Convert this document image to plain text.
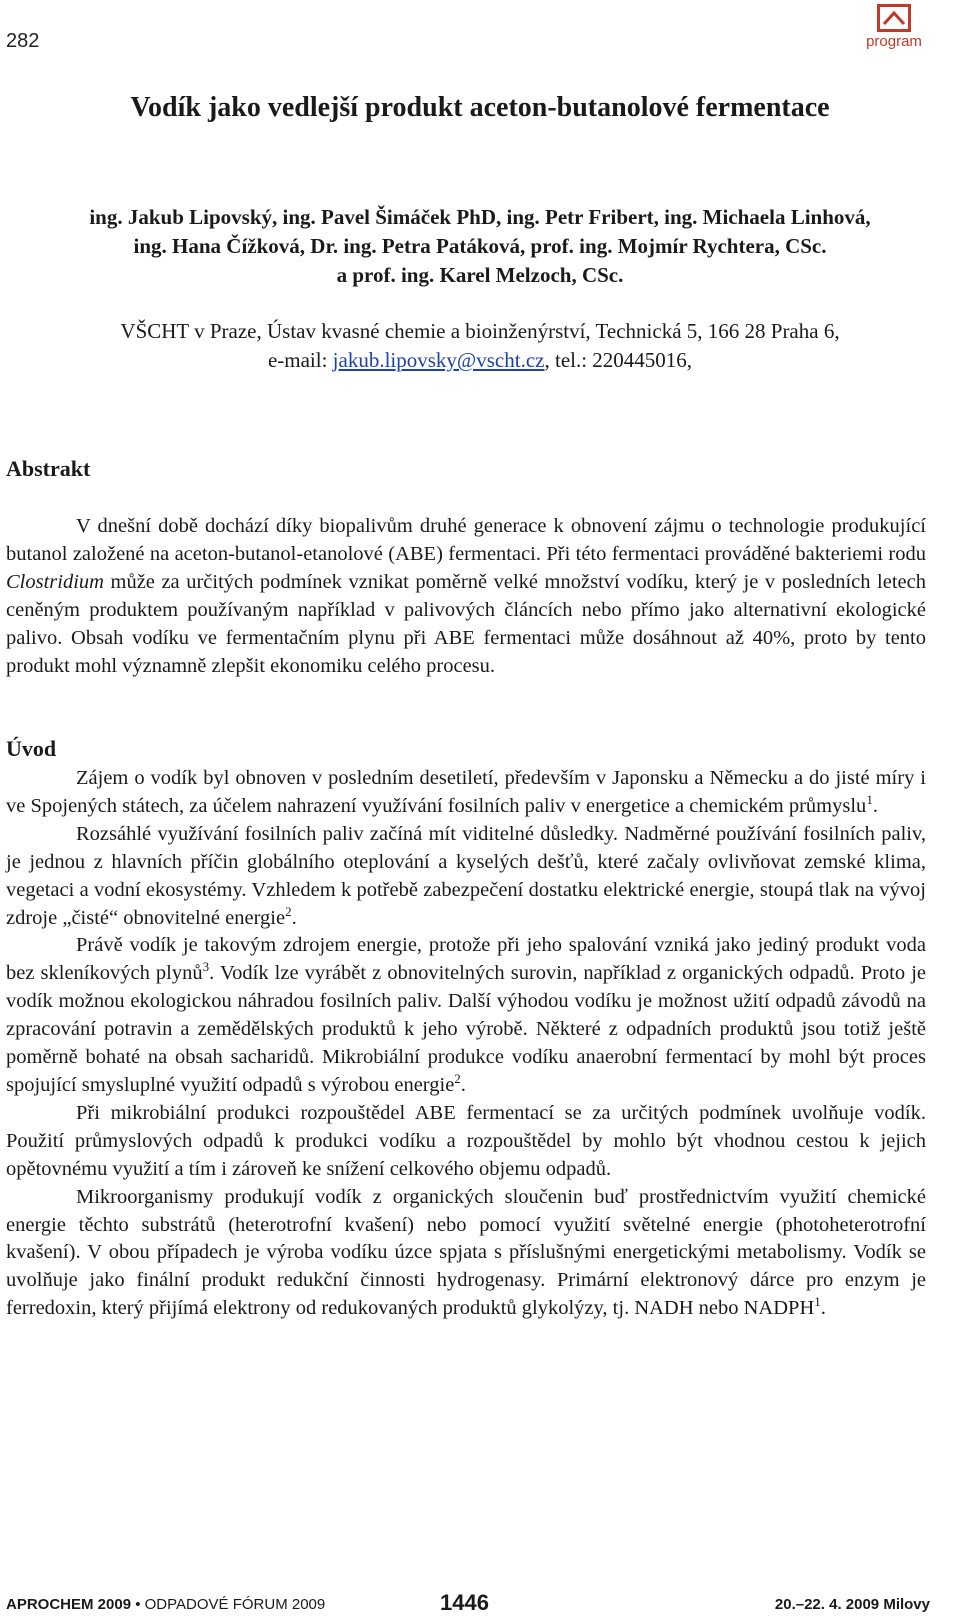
282	program
Vodík jako vedlejší produkt aceton-butanolové fermentace
ing. Jakub Lipovský, ing. Pavel Šimáček PhD, ing. Petr Fribert, ing. Michaela Linhová,
ing. Hana Čížková, Dr. ing. Petra Patáková, prof. ing. Mojmír Rychtera, CSc.
a prof. ing. Karel Melzoch, CSc.
VŠCHT v Praze, Ústav kvasné chemie a bioinženýrství, Technická 5, 166 28 Praha 6,
e-mail: jakub.lipovsky@vscht.cz, tel.: 220445016,
Abstrakt

V dnešní době dochází díky biopalivům druhé generace k obnovení zájmu o technologie produkující butanol založené na aceton-butanol-etanolové (ABE) fermentaci. Při této fermentaci prováděné bakteriemi rodu Clostridium může za určitých podmínek vznikat poměrně velké množství vodíku, který je v posledních letech ceněným produktem používaným například v palivových článcích nebo přímo jako alternativní ekologické palivo. Obsah vodíku ve fermentačním plynu při ABE fermentaci může dosáhnout až 40%, proto by tento produkt mohl významně zlepšit ekonomiku celého procesu.

Úvod

Zájem o vodík byl obnoven v posledním desetiletí, především v Japonsku a Německu a do jisté míry i ve Spojených státech, za účelem nahrazení využívání fosilních paliv v energetice a chemickém průmyslu$^1$.

Rozsáhlé využívání fosilních paliv začíná mít viditelné důsledky. Nadměrné používání fosilních paliv, je jednou z hlavních příčin globálního oteplování a kyselých dešťů, které začaly ovlivňovat zemské klima, vegetaci a vodní ekosystémy. Vzhledem k potřebě zabezpečení dostatku elektrické energie, stoupá tlak na vývoj zdroje „čisté“ obnovitelné energie$^2$.

Právě vodík je takovým zdrojem energie, protože při jeho spalování vzniká jako jediný produkt voda bez skleníkových plynů$^3$. Vodík lze vyrábět z obnovitelných surovin, například z organických odpadů. Proto je vodík možnou ekologickou náhradou fosilních paliv. Další výhodou vodíku je možnost užití odpadů závodů na zpracování potravin a zemědělských produktů k jeho výrobě. Některé z odpadních produktů jsou totiž ještě poměrně bohaté na obsah sacharidů. Mikrobiální produkce vodíku anaerobní fermentací by mohl být proces spojující smysluplné využití odpadů s výrobou energie$^2$.

Při mikrobiální produkci rozpouštědel ABE fermentací se za určitých podmínek uvolňuje vodík. Použití průmyslových odpadů k produkci vodíku a rozpouštědel by mohlo být vhodnou cestou k jejich opětovnému využití a tím i zároveň ke snížení celkového objemu odpadů.

Mikroorganismy produkují vodík z organických sloučenin buď prostřednictvím využití chemické energie těchto substrátů (heterotrofní kvašení) nebo pomocí využití světelné energie (photoheterotrofní kvašení). V obou případech je výroba vodíku úzce spjata s příslušnými energetickými metabolismy. Vodík se uvolňuje jako finální produkt redukční činnosti hydrogenasy. Primární elektronový dárce pro enzym je ferredoxin, který přijímá elektrony od redukovaných produktů glykolýzy, tj. NADH nebo NADPH$^1$.

APROCHEM 2009 • ODPADOVÉ FÓRUM 2009	1446	20.–22. 4. 2009 Milovy
